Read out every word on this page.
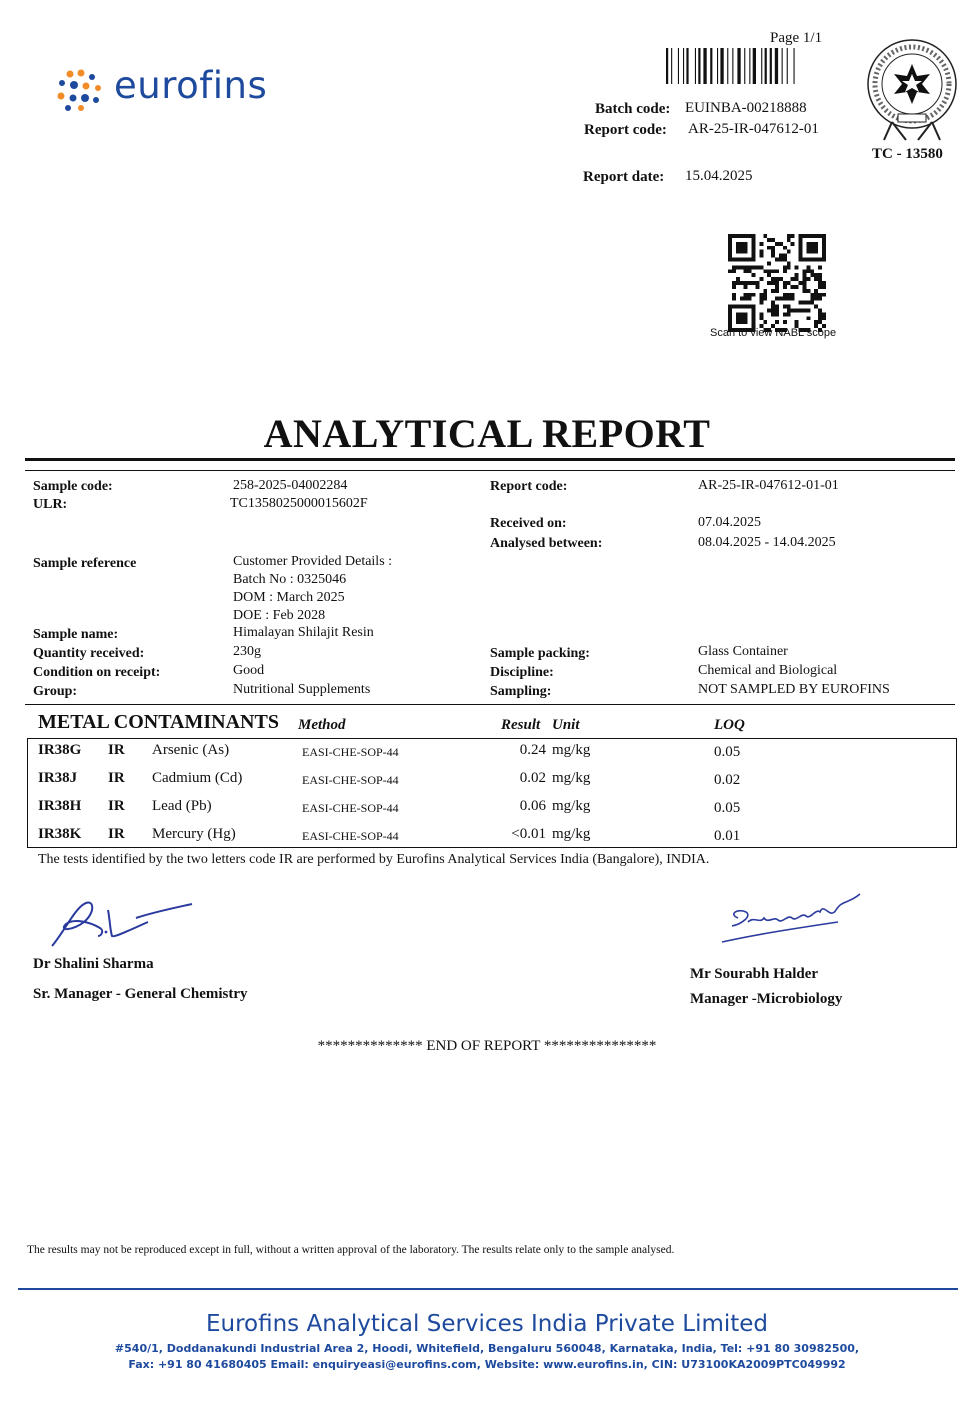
eurofins
Page 1/1
Batch code: EUINBA-00218888
Report code: AR-25-IR-047612-01
Report date: 15.04.2025
TC - 13580
Scan to view NABL scope
ANALYTICAL REPORT
Sample code:	258-2025-04002284
ULR:	TC1358025000015602F
Report code:	AR-25-IR-047612-01-01
Received on:	07.04.2025
Analysed between:	08.04.2025 - 14.04.2025
Sample reference	Customer Provided Details :
Batch No : 0325046
DOM : March 2025
DOE : Feb 2028
Sample name:	Himalayan Shilajit Resin
Quantity received:	230g
Condition on receipt:	Good
Group:	Nutritional Supplements
Sample packing:	Glass Container
Discipline:	Chemical and Biological
Sampling:	NOT SAMPLED BY EUROFINS
METAL CONTAMINANTS Method	Result Unit	LOQ
IR38G IR Arsenic (As)	EASI-CHE-SOP-44	0.24 mg/kg	0.05
IR38J IR Cadmium (Cd)	EASI-CHE-SOP-44	0.02 mg/kg	0.02
IR38H IR Lead (Pb)	EASI-CHE-SOP-44	0.06 mg/kg	0.05
IR38K IR Mercury (Hg)	EASI-CHE-SOP-44	<0.01 mg/kg	0.01
The tests identified by the two letters code IR are performed by Eurofins Analytical Services India (Bangalore), INDIA.
Dr Shalini Sharma
Sr. Manager - General Chemistry
Mr Sourabh Halder
Manager -Microbiology
************** END OF REPORT ***************
The results may not be reproduced except in full, without a written approval of the laboratory. The results relate only to the sample analysed.
Eurofins Analytical Services India Private Limited
#540/1, Doddanakundi Industrial Area 2, Hoodi, Whitefield, Bengaluru 560048, Karnataka, India, Tel: +91 80 30982500,
Fax: +91 80 41680405 Email: enquiryeasi@eurofins.com, Website: www.eurofins.in, CIN: U73100KA2009PTC049992
